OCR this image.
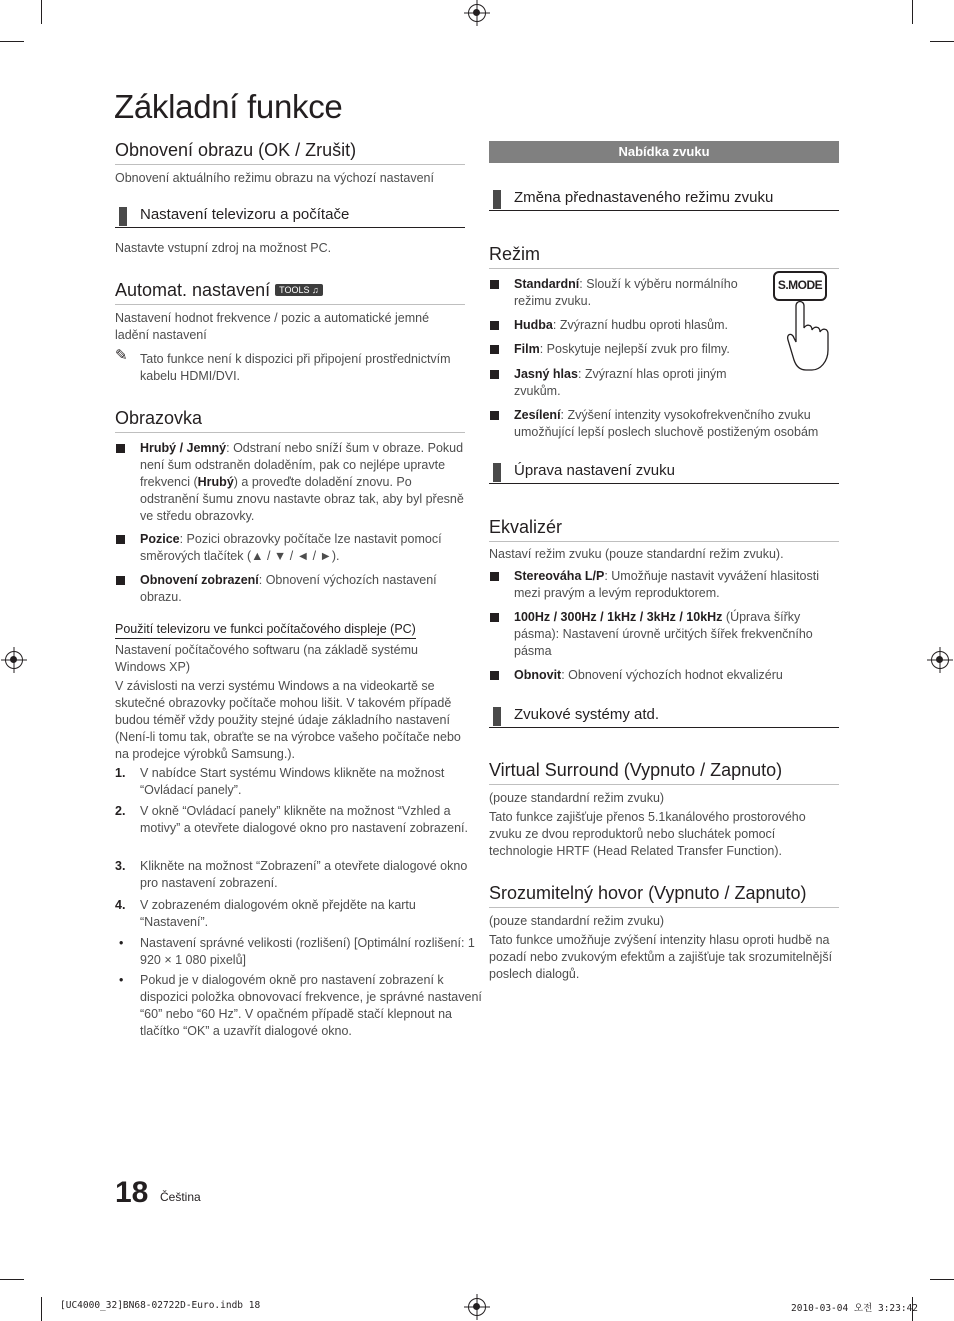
Základní funkce
Obnovení obrazu (OK / Zrušit)
Obnovení aktuálního režimu obrazu na výchozí nastavení
Nastavení televizoru a počítače
Nastavte vstupní zdroj na možnost PC.
Automat. nastavení TOOLS ♫
Nastavení hodnot frekvence / pozic a automatické jemné ladění nastavení
✎ Tato funkce není k dispozici při připojení prostřednictvím kabelu HDMI/DVI.
Obrazovka
Hrubý / Jemný: Odstraní nebo sníží šum v obraze. Pokud není šum odstraněn doladěním, pak co nejlépe upravte frekvenci (Hrubý) a proveďte doladění znovu. Po odstranění šumu znovu nastavte obraz tak, aby byl přesně ve středu obrazovky.
Pozice: Pozici obrazovky počítače lze nastavit pomocí směrových tlačítek (▲ / ▼ / ◄ / ►).
Obnovení zobrazení: Obnovení výchozích nastavení obrazu.
Použití televizoru ve funkci počítačového displeje (PC)
Nastavení počítačového softwaru (na základě systému Windows XP)
V závislosti na verzi systému Windows a na videokartě se skutečné obrazovky počítače mohou lišit. V takovém případě budou téměř vždy použity stejné údaje základního nastavení (Není-li tomu tak, obraťte se na výrobce vašeho počítače nebo na prodejce výrobků Samsung.).
1. V nabídce Start systému Windows klikněte na možnost “Ovládací panely”.
2. V okně “Ovládací panely” klikněte na možnost “Vzhled a motivy” a otevřete dialogové okno pro nastavení zobrazení.
3. Klikněte na možnost “Zobrazení” a otevřete dialogové okno pro nastavení zobrazení.
4. V zobrazeném dialogovém okně přejděte na kartu “Nastavení”.
• Nastavení správné velikosti (rozlišení) [Optimální rozlišení: 1 920 × 1 080 pixelů]
• Pokud je v dialogovém okně pro nastavení zobrazení k dispozici položka obnovovací frekvence, je správné nastavení “60” nebo “60 Hz”. V opačném případě stačí klepnout na tlačítko “OK” a uzavřít dialogové okno.
Nabídka zvuku
Změna přednastaveného režimu zvuku
Režim
S.MODE
Standardní: Slouží k výběru normálního režimu zvuku.
Hudba: Zvýrazní hudbu oproti hlasům.
Film: Poskytuje nejlepší zvuk pro filmy.
Jasný hlas: Zvýrazní hlas oproti jiným zvukům.
Zesílení: Zvýšení intenzity vysokofrekvenčního zvuku umožňující lepší poslech sluchově postiženým osobám
Úprava nastavení zvuku
Ekvalizér
Nastaví režim zvuku (pouze standardní režim zvuku).
Stereováha L/P: Umožňuje nastavit vyvážení hlasitosti mezi pravým a levým reproduktorem.
100Hz / 300Hz / 1kHz / 3kHz / 10kHz (Úprava šířky pásma): Nastavení úrovně určitých šířek frekvenčního pásma
Obnovit: Obnovení výchozích hodnot ekvalizéru
Zvukové systémy atd.
Virtual Surround (Vypnuto / Zapnuto)
(pouze standardní režim zvuku)
Tato funkce zajišťuje přenos 5.1kanálového prostorového zvuku ze dvou reproduktorů nebo sluchátek pomocí technologie HRTF (Head Related Transfer Function).
Srozumitelný hovor (Vypnuto / Zapnuto)
(pouze standardní režim zvuku)
Tato funkce umožňuje zvýšení intenzity hlasu oproti hudbě na pozadí nebo zvukovým efektům a zajišťuje tak srozumitelnější poslech dialogů.
18 Čeština
[UC4000_32]BN68-02722D-Euro.indb 18	2010-03-04 오전 3:23:42
